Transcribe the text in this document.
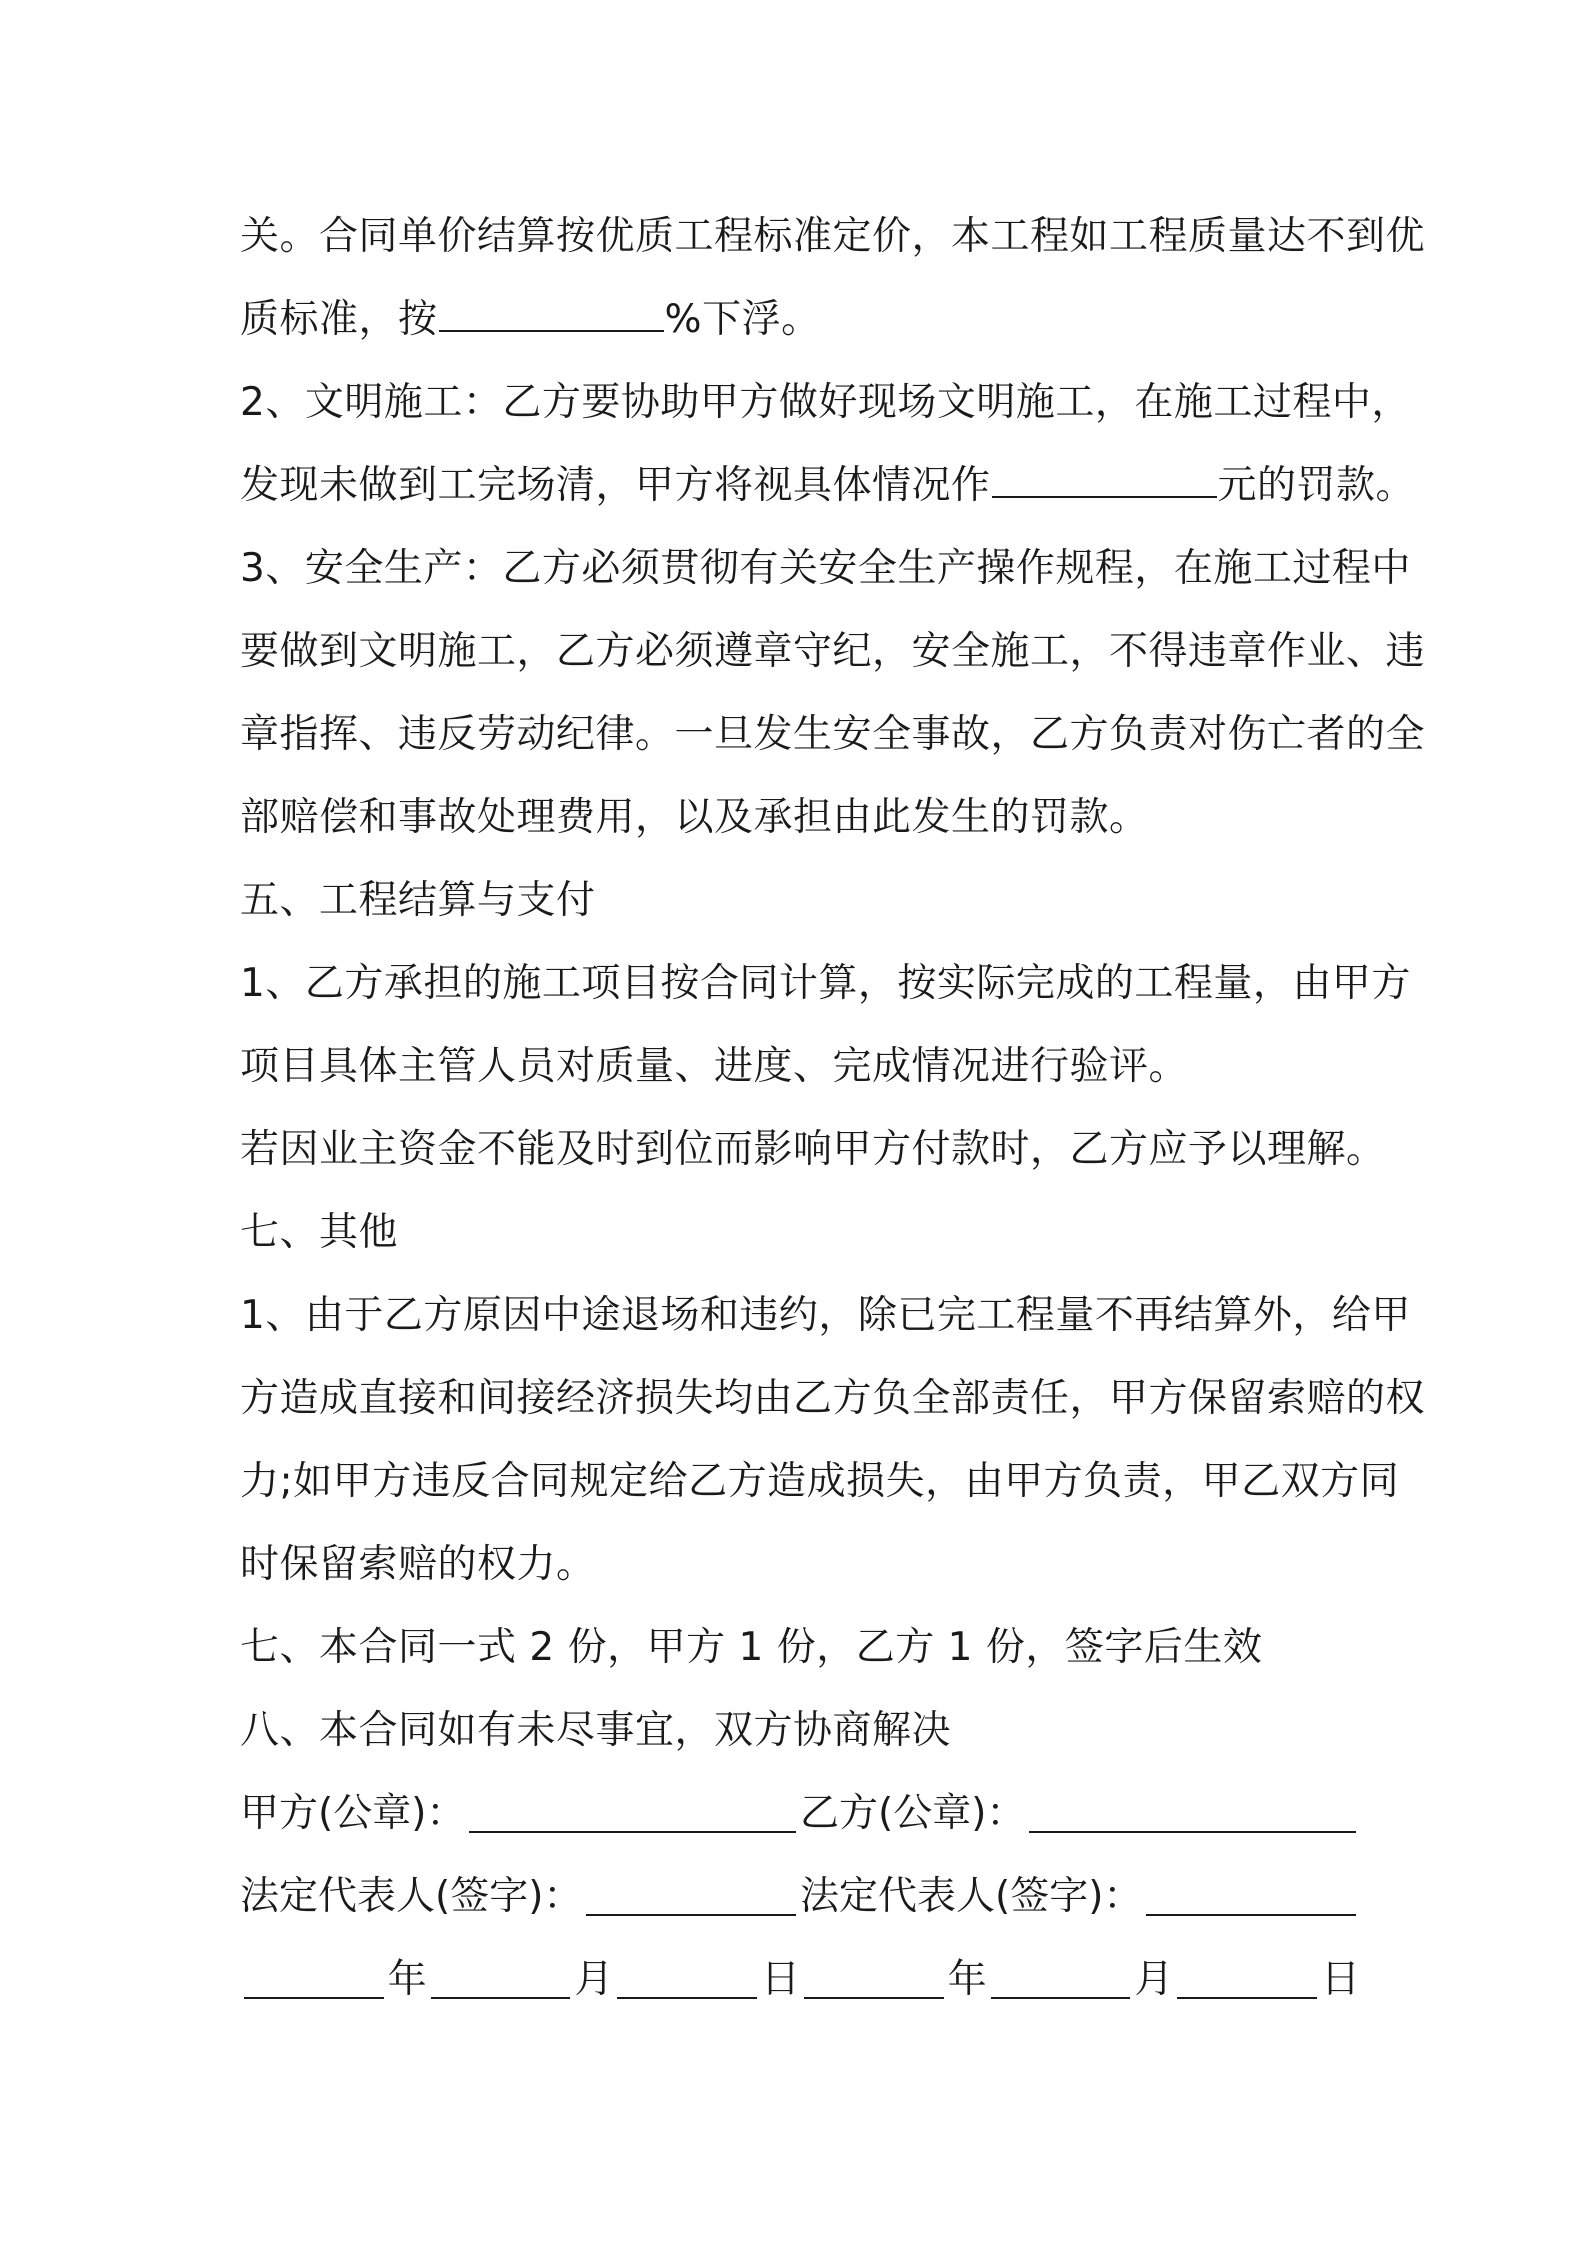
关。合同单价结算按优质工程标准定价，本工程如工程质量达不到优
质标准，按	%下浮。
2、文明施工：乙方要协助甲方做好现场文明施工，在施工过程中，
发现未做到工完场清，甲方将视具体情况作	元的罚款。
3、安全生产：乙方必须贯彻有关安全生产操作规程，在施工过程中
要做到文明施工，乙方必须遵章守纪，安全施工，不得违章作业、违
章指挥、违反劳动纪律。一旦发生安全事故，乙方负责对伤亡者的全
部赔偿和事故处理费用，以及承担由此发生的罚款。
五、工程结算与支付
1、乙方承担的施工项目按合同计算，按实际完成的工程量，由甲方
项目具体主管人员对质量、进度、完成情况进行验评。
若因业主资金不能及时到位而影响甲方付款时，乙方应予以理解。
七、其他
1、由于乙方原因中途退场和违约，除已完工程量不再结算外，给甲
方造成直接和间接经济损失均由乙方负全部责任，甲方保留索赔的权
力;如甲方违反合同规定给乙方造成损失，由甲方负责，甲乙双方同
时保留索赔的权力。
七、本合同一式 2 份，甲方 1 份，乙方 1 份，签字后生效
八、本合同如有未尽事宜，双方协商解决
甲方(公章)：	乙方(公章)：
法定代表人(签字)：	法定代表人(签字)：
年	月	日	年	月	日
